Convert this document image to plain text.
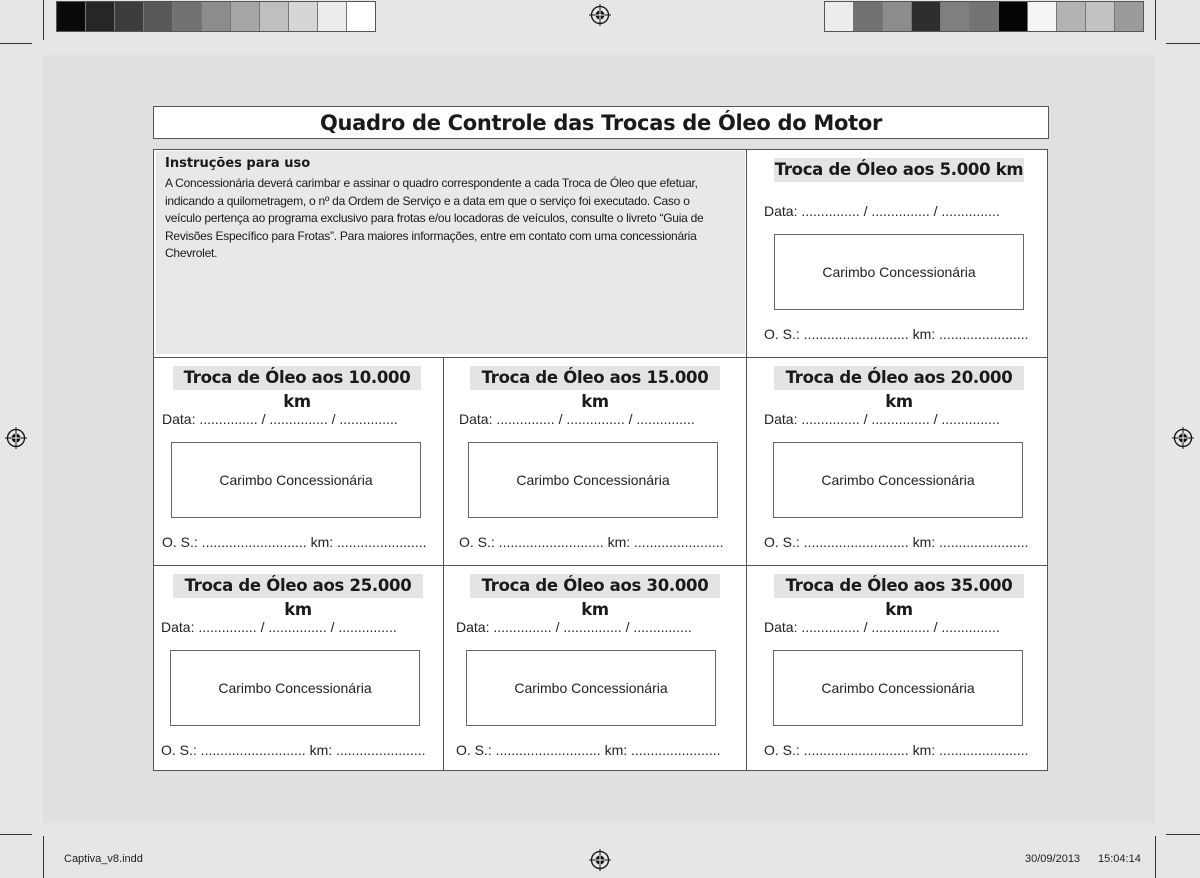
Quadro de Controle das Trocas de Óleo do Motor
Instruções para uso
A Concessionária deverá carimbar e assinar o quadro correspondente a cada Troca de Óleo que efetuar,
indicando a quilometragem, o nº da Ordem de Serviço e a data em que o serviço foi executado. Caso o
veículo pertença ao programa exclusivo para frotas e/ou locadoras de veículos, consulte o livreto “Guia de
Revisões Específico para Frotas”. Para maiores informações, entre em contato com uma concessionária
Chevrolet.
Troca de Óleo aos 5.000 km
Data: ............... / ............... / ...............
Carimbo Concessionária
O. S.: ........................... km: .......................
Troca de Óleo aos 10.000 km
Data: ............... / ............... / ...............
Carimbo Concessionária
O. S.: ........................... km: .......................
Troca de Óleo aos 15.000 km
Data: ............... / ............... / ...............
Carimbo Concessionária
O. S.: ........................... km: .......................
Troca de Óleo aos 20.000 km
Data: ............... / ............... / ...............
Carimbo Concessionária
O. S.: ........................... km: .......................
Troca de Óleo aos 25.000 km
Data: ............... / ............... / ...............
Carimbo Concessionária
O. S.: ........................... km: .......................
Troca de Óleo aos 30.000 km
Data: ............... / ............... / ...............
Carimbo Concessionária
O. S.: ........................... km: .......................
Troca de Óleo aos 35.000 km
Data: ............... / ............... / ...............
Carimbo Concessionária
O. S.: ........................... km: .......................
Captiva_v8.indd	30/09/2013 15:04:14
